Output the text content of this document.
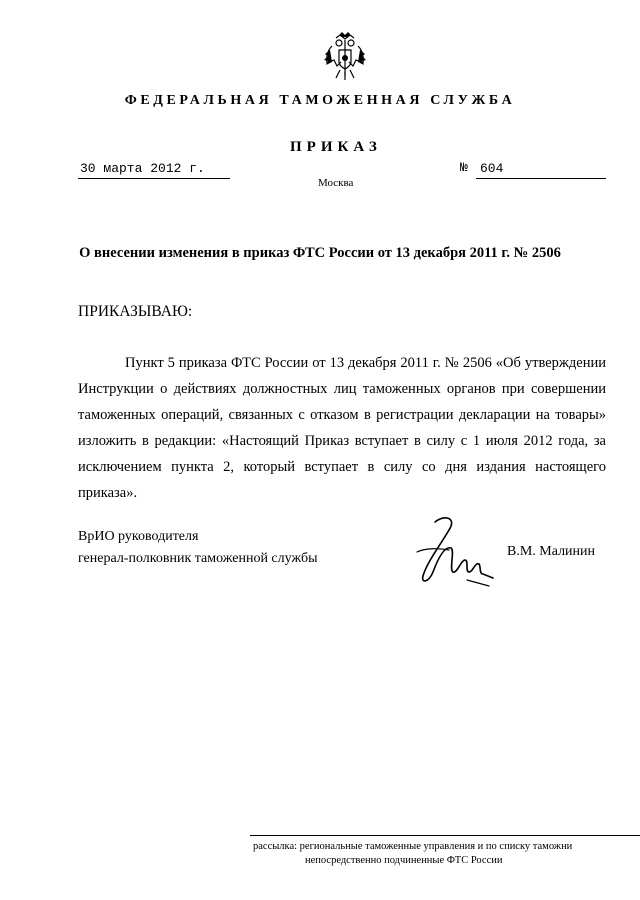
ФЕДЕРАЛЬНАЯ ТАМОЖЕННАЯ СЛУЖБА
ПРИКАЗ
30 марта 2012 г.	№ 604
Москва
О внесении изменения в приказ ФТС России от 13 декабря 2011 г. № 2506
ПРИКАЗЫВАЮ:
Пункт 5 приказа ФТС России от 13 декабря 2011 г. № 2506 «Об утверждении Инструкции о действиях должностных лиц таможенных органов при совершении таможенных операций, связанных с отказом в регистрации декларации на товары» изложить в редакции: «Настоящий Приказ вступает в силу с 1 июля 2012 года, за исключением пункта 2, который вступает в силу со дня издания настоящего приказа».
ВрИО руководителя
генерал-полковник таможенной службы	В.М. Малинин
рассылка: региональные таможенные управления и по списку таможни
непосредственно подчиненные ФТС России
